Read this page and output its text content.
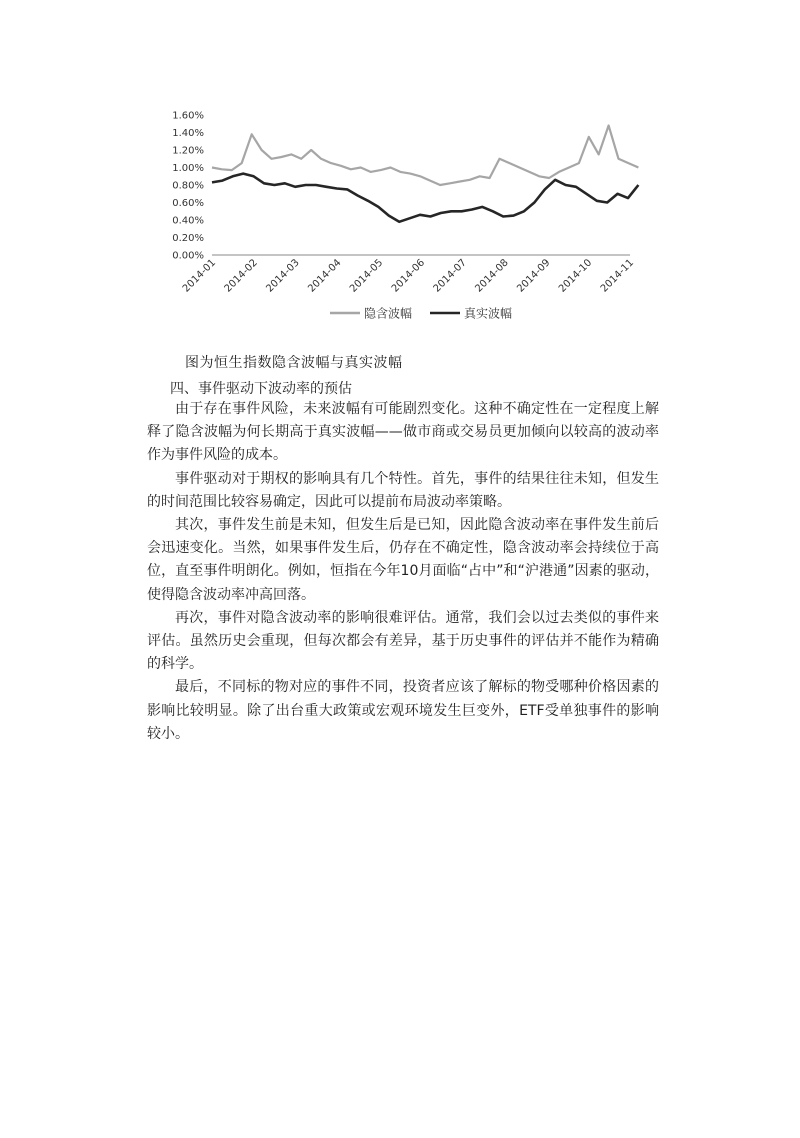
0.00%
0.20%
0.40%
0.60%
0.80%
1.00%
1.20%
1.40%
1.60%
2014-01 2014-02 2014-03 2014-04 2014-05 2014-06 2014-07 2014-08 2014-09 2014-10 2014-11
隐含波幅	真实波幅
图为恒生指数隐含波幅与真实波幅
四、事件驱动下波动率的预估

由于存在事件风险，未来波幅有可能剧烈变化。这种不确定性在一定程度上解释了隐含波幅为何长期高于真实波幅——做市商或交易员更加倾向以较高的波动率作为事件风险的成本。

事件驱动对于期权的影响具有几个特性。首先，事件的结果往往未知，但发生的时间范围比较容易确定，因此可以提前布局波动率策略。

其次，事件发生前是未知，但发生后是已知，因此隐含波动率在事件发生前后会迅速变化。当然，如果事件发生后，仍存在不确定性，隐含波动率会持续位于高位，直至事件明朗化。例如，恒指在今年10月面临“占中”和“沪港通”因素的驱动，使得隐含波动率冲高回落。

再次，事件对隐含波动率的影响很难评估。通常，我们会以过去类似的事件来评估。虽然历史会重现，但每次都会有差异，基于历史事件的评估并不能作为精确的科学。

最后，不同标的物对应的事件不同，投资者应该了解标的物受哪种价格因素的影响比较明显。除了出台重大政策或宏观环境发生巨变外，ETF受单独事件的影响较小。
